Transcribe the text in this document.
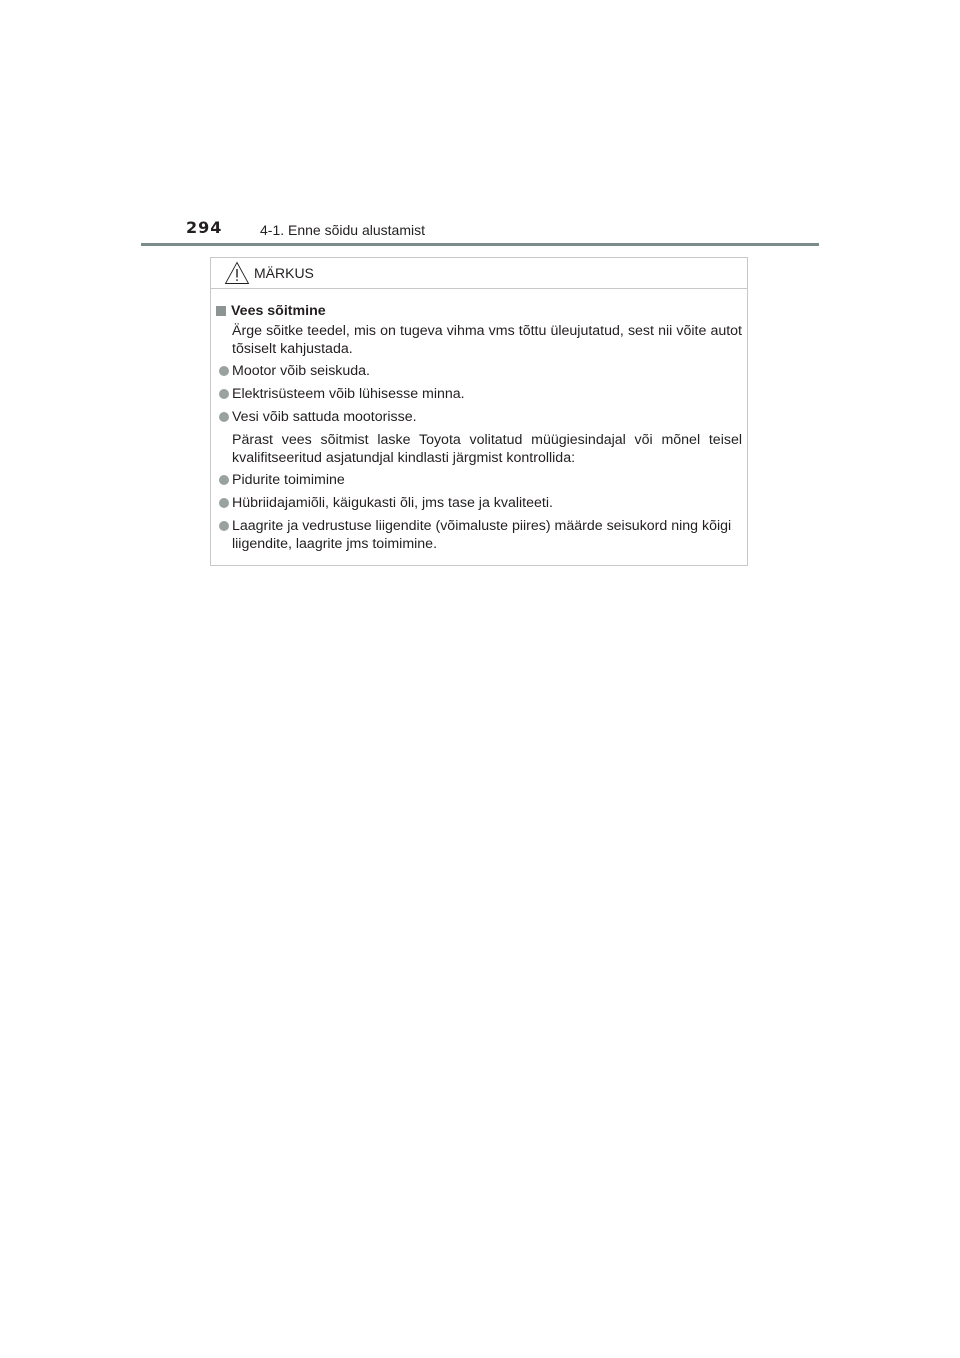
294	4-1. Enne sõidu alustamist
MÄRKUS
Vees sõitmine

Ärge sõitke teedel, mis on tugeva vihma vms tõttu üleujutatud, sest nii võite autot tõsiselt kahjustada.

Mootor võib seiskuda.
Elektrisüsteem võib lühisesse minna.
Vesi võib sattuda mootorisse.

Pärast vees sõitmist laske Toyota volitatud müügiesindajal või mõnel teisel kvalifitseeritud asjatundjal kindlasti järgmist kontrollida:

Pidurite toimimine
Hübriidajamiõli, käigukasti õli, jms tase ja kvaliteeti.
Laagrite ja vedrustuse liigendite (võimaluste piires) määrde seisukord ning kõigi liigendite, laagrite jms toimimine.
